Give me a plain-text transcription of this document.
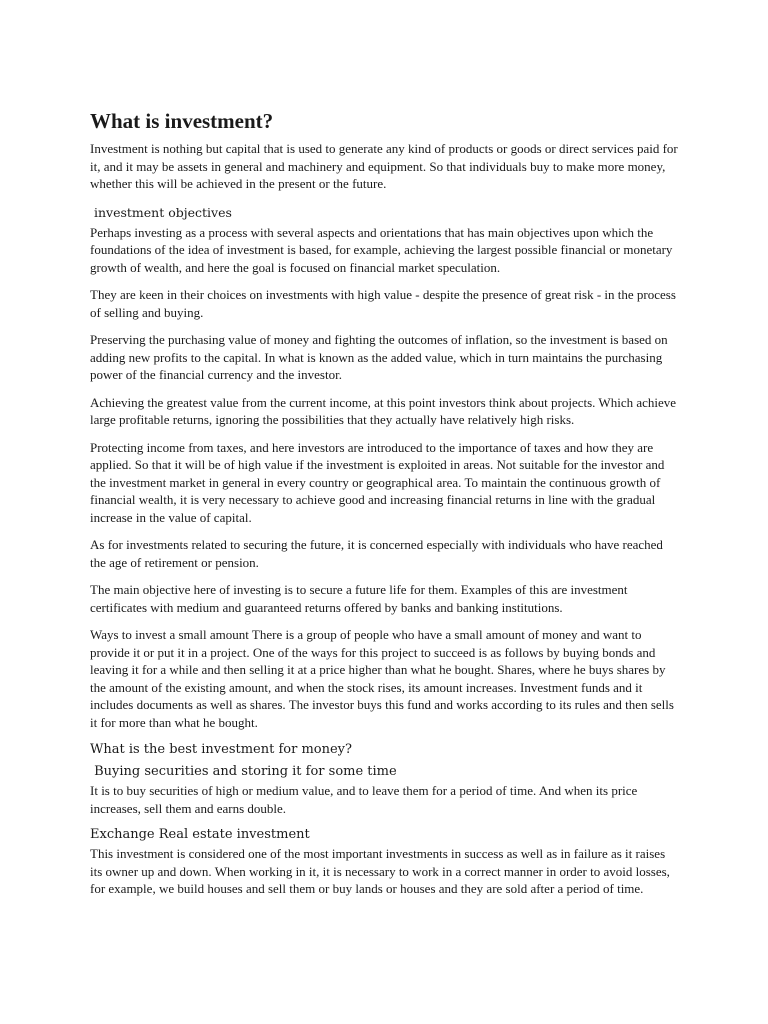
What is investment?

Investment is nothing but capital that is used to generate any kind of products or goods or direct services paid for it, and it may be assets in general and machinery and equipment. So that individuals buy to make more money, whether this will be achieved in the present or the future.

investment objectives

Perhaps investing as a process with several aspects and orientations that has main objectives upon which the foundations of the idea of investment is based, for example, achieving the largest possible financial or monetary growth of wealth, and here the goal is focused on financial market speculation.

They are keen in their choices on investments with high value - despite the presence of great risk - in the process of selling and buying.

Preserving the purchasing value of money and fighting the outcomes of inflation, so the investment is based on adding new profits to the capital. In what is known as the added value, which in turn maintains the purchasing power of the financial currency and the investor.

Achieving the greatest value from the current income, at this point investors think about projects. Which achieve large profitable returns, ignoring the possibilities that they actually have relatively high risks.

Protecting income from taxes, and here investors are introduced to the importance of taxes and how they are applied. So that it will be of high value if the investment is exploited in areas. Not suitable for the investor and the investment market in general in every country or geographical area. To maintain the continuous growth of financial wealth, it is very necessary to achieve good and increasing financial returns in line with the gradual increase in the value of capital.

As for investments related to securing the future, it is concerned especially with individuals who have reached the age of retirement or pension.

The main objective here of investing is to secure a future life for them. Examples of this are investment certificates with medium and guaranteed returns offered by banks and banking institutions.

Ways to invest a small amount There is a group of people who have a small amount of money and want to provide it or put it in a project. One of the ways for this project to succeed is as follows by buying bonds and leaving it for a while and then selling it at a price higher than what he bought. Shares, where he buys shares by the amount of the existing amount, and when the stock rises, its amount increases. Investment funds and it includes documents as well as shares. The investor buys this fund and works according to its rules and then sells it for more than what he bought.

What is the best investment for money?
Buying securities and storing it for some time

It is to buy securities of high or medium value, and to leave them for a period of time. And when its price increases, sell them and earns double.

Exchange Real estate investment

This investment is considered one of the most important investments in success as well as in failure as it raises its owner up and down. When working in it, it is necessary to work in a correct manner in order to avoid losses, for example, we build houses and sell them or buy lands or houses and they are sold after a period of time.
